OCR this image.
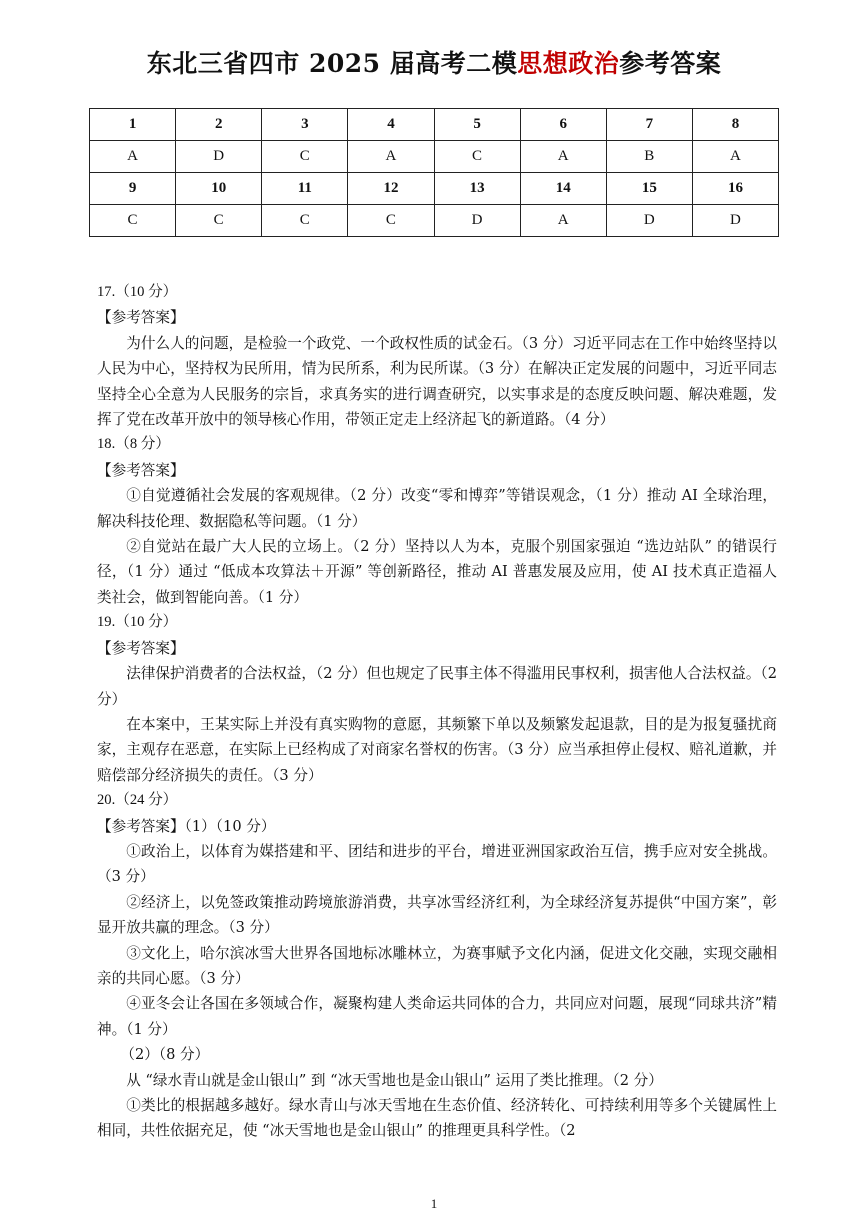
东北三省四市 2025 届高考二模思想政治参考答案
1	2	3	4	5	6	7	8
A	D	C	A	C	A	B	A
9	10	11	12	13	14	15	16
C	C	C	C	D	A	D	D

17.（10 分）

【参考答案】

为什么人的问题，是检验一个政党、一个政权性质的试金石。（3 分）习近平同志在工作中始终坚持以人民为中心，坚持权为民所用，情为民所系，利为民所谋。（3 分）在解决正定发展的问题中，习近平同志坚持全心全意为人民服务的宗旨，求真务实的进行调查研究，以实事求是的态度反映问题、解决难题，发挥了党在改革开放中的领导核心作用，带领正定走上经济起飞的新道路。（4 分）

18.（8 分）

【参考答案】

①自觉遵循社会发展的客观规律。（2 分）改变“零和博弈”等错误观念，（1 分）推动 AI 全球治理，解决科技伦理、数据隐私等问题。（1 分）

②自觉站在最广大人民的立场上。（2 分）坚持以人为本，克服个别国家强迫 “选边站队” 的错误行径，（1 分）通过 “低成本攻算法＋开源” 等创新路径，推动 AI 普惠发展及应用，使 AI 技术真正造福人类社会，做到智能向善。（1 分）

19.（10 分）

【参考答案】

法律保护消费者的合法权益，（2 分）但也规定了民事主体不得滥用民事权利，损害他人合法权益。（2 分）

在本案中，王某实际上并没有真实购物的意愿，其频繁下单以及频繁发起退款，目的是为报复骚扰商家，主观存在恶意，在实际上已经构成了对商家名誉权的伤害。（3 分）应当承担停止侵权、赔礼道歉，并赔偿部分经济损失的责任。（3 分）

20.（24 分）

【参考答案】（1）（10 分）

①政治上，以体育为媒搭建和平、团结和进步的平台，增进亚洲国家政治互信，携手应对安全挑战。（3 分）

②经济上，以免签政策推动跨境旅游消费，共享冰雪经济红利，为全球经济复苏提供“中国方案”，彰显开放共赢的理念。（3 分）

③文化上，哈尔滨冰雪大世界各国地标冰雕林立，为赛事赋予文化内涵，促进文化交融，实现交融相亲的共同心愿。（3 分）

④亚冬会让各国在多领域合作，凝聚构建人类命运共同体的合力，共同应对问题，展现“同球共济”精神。（1 分）

（2）（8 分）

从 “绿水青山就是金山银山” 到 “冰天雪地也是金山银山” 运用了类比推理。（2 分）

①类比的根据越多越好。绿水青山与冰天雪地在生态价值、经济转化、可持续利用等多个关键属性上相同，共性依据充足，使 “冰天雪地也是金山银山” 的推理更具科学性。（2

1
